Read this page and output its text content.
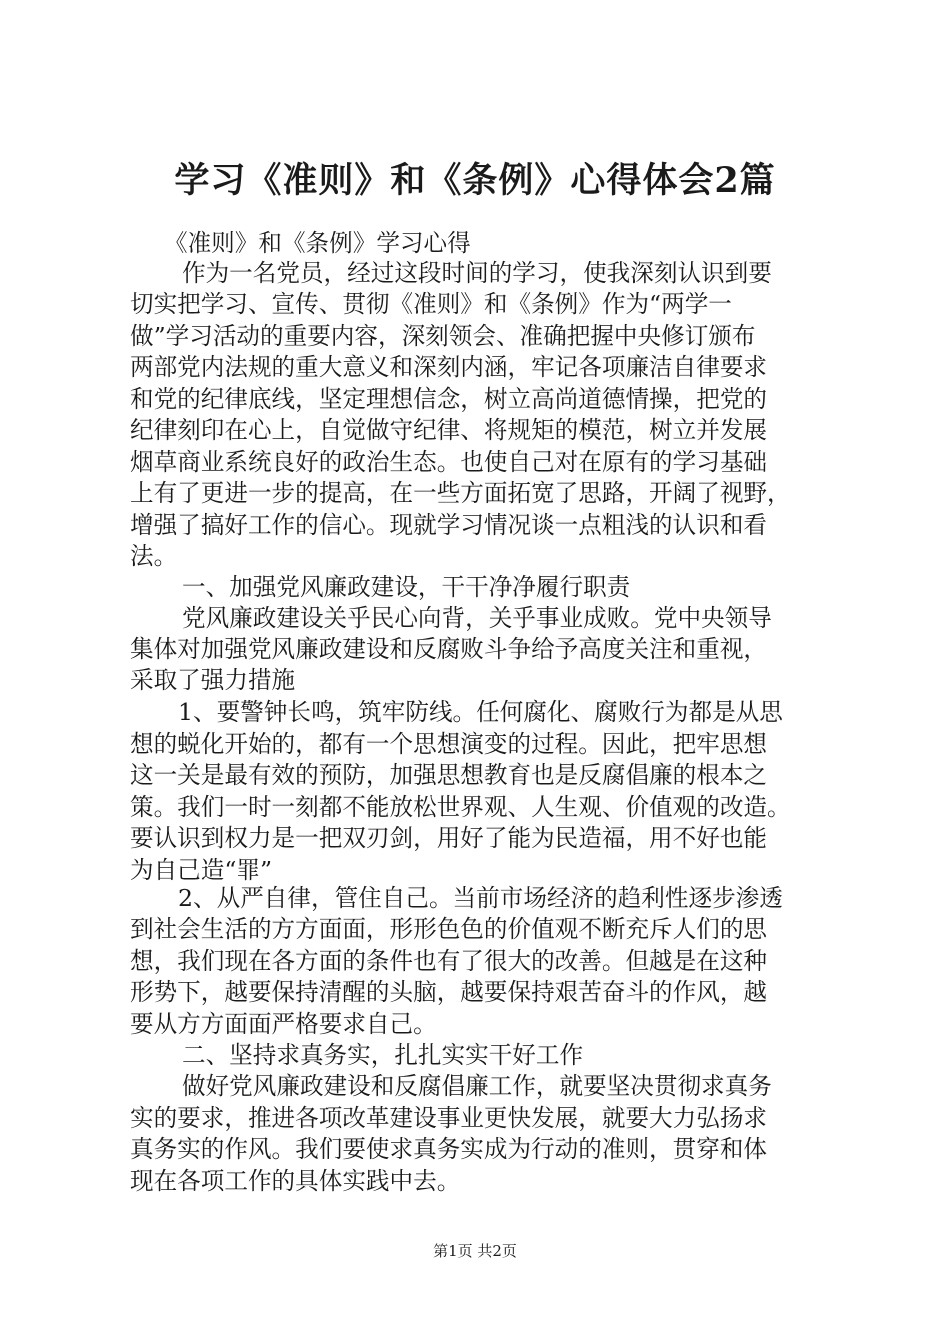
学习《准则》和《条例》心得体会2篇
《准则》和《条例》学习心得
作为一名党员，经过这段时间的学习，使我深刻认识到要
切实把学习、宣传、贯彻《准则》和《条例》作为“两学一
做”学习活动的重要内容，深刻领会、准确把握中央修订颁布
两部党内法规的重大意义和深刻内涵，牢记各项廉洁自律要求
和党的纪律底线，坚定理想信念，树立高尚道德情操，把党的
纪律刻印在心上，自觉做守纪律、将规矩的模范，树立并发展
烟草商业系统良好的政治生态。也使自己对在原有的学习基础
上有了更进一步的提高，在一些方面拓宽了思路，开阔了视野，
增强了搞好工作的信心。现就学习情况谈一点粗浅的认识和看
法。
一、加强党风廉政建设，干干净净履行职责
党风廉政建设关乎民心向背，关乎事业成败。党中央领导
集体对加强党风廉政建设和反腐败斗争给予高度关注和重视，
采取了强力措施
1、要警钟长鸣，筑牢防线。任何腐化、腐败行为都是从思
想的蜕化开始的，都有一个思想演变的过程。因此，把牢思想
这一关是最有效的预防，加强思想教育也是反腐倡廉的根本之
策。我们一时一刻都不能放松世界观、人生观、价值观的改造。
要认识到权力是一把双刃剑，用好了能为民造福，用不好也能
为自己造“罪”
2、从严自律，管住自己。当前市场经济的趋利性逐步渗透
到社会生活的方方面面，形形色色的价值观不断充斥人们的思
想，我们现在各方面的条件也有了很大的改善。但越是在这种
形势下，越要保持清醒的头脑，越要保持艰苦奋斗的作风，越
要从方方面面严格要求自己。
二、坚持求真务实，扎扎实实干好工作
做好党风廉政建设和反腐倡廉工作，就要坚决贯彻求真务
实的要求，推进各项改革建设事业更快发展，就要大力弘扬求
真务实的作风。我们要使求真务实成为行动的准则，贯穿和体
现在各项工作的具体实践中去。
第1页 共2页
